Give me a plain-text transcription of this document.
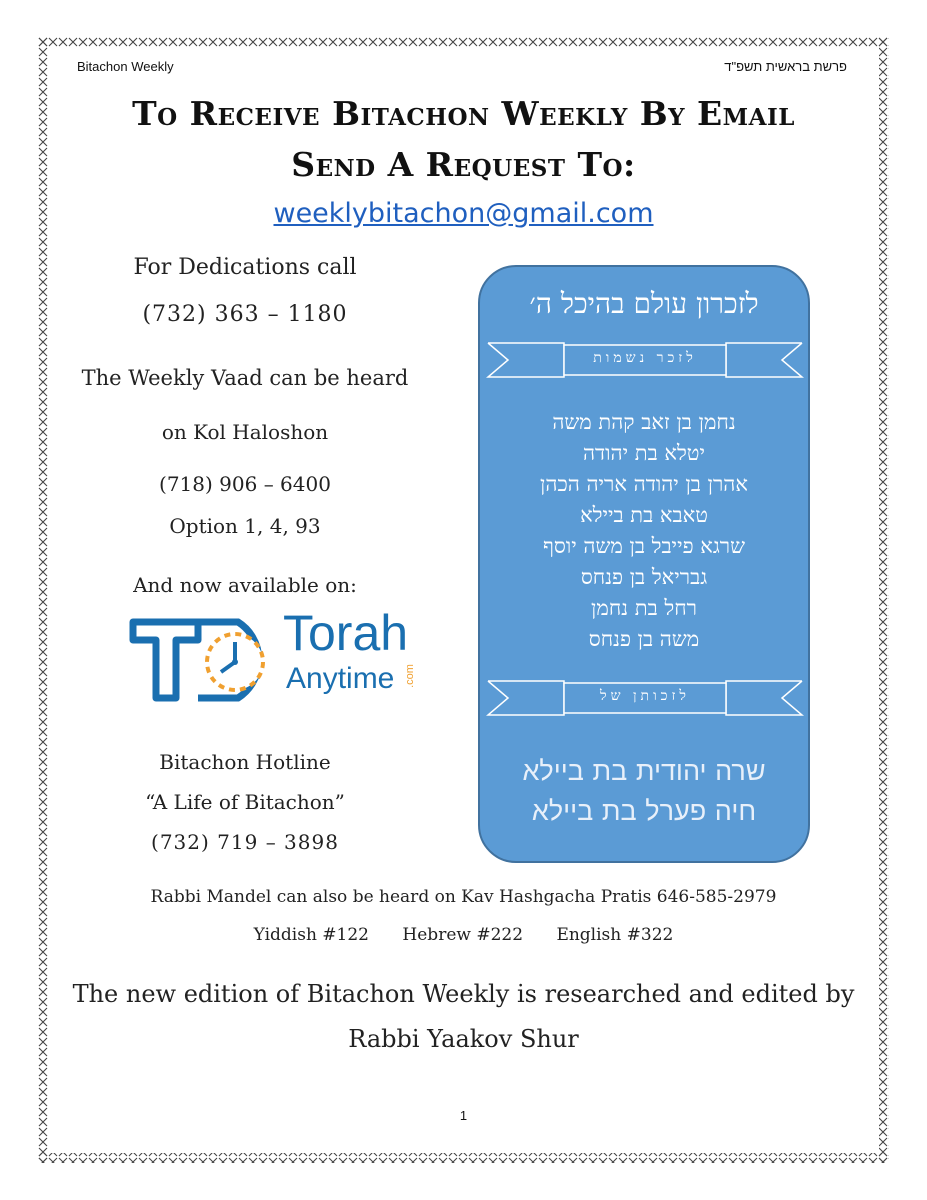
Bitachon Weekly	פרשת בראשית תשפ"ד
To Receive Bitachon Weekly By Email
Send A Request To:
weeklybitachon@gmail.com
For Dedications call
(732) 363 – 1180
The Weekly Vaad can be heard
on Kol Haloshon
(718) 906 – 6400
Option 1, 4, 93
And now available on:
Torah
Anytime .com
Bitachon Hotline
“A Life of Bitachon”
(732) 719 – 3898
לזכרון עולם בהיכל ה׳
לזכר נשמות
נחמן בן זאב קהת משה
יטלא בת יהודה
אהרן בן יהודה אריה הכהן
טאבא בת ביילא
שרגא פייבל בן משה יוסף
גבריאל בן פנחס
רחל בת נחמן
משה בן פנחס
לזכותן של
שרה יהודית בת ביילא
חיה פערל בת ביילא
Rabbi Mandel can also be heard on Kav Hashgacha Pratis 646-585-2979
Yiddish #122 Hebrew #222 English #322
The new edition of Bitachon Weekly is researched and edited by
Rabbi Yaakov Shur
1
